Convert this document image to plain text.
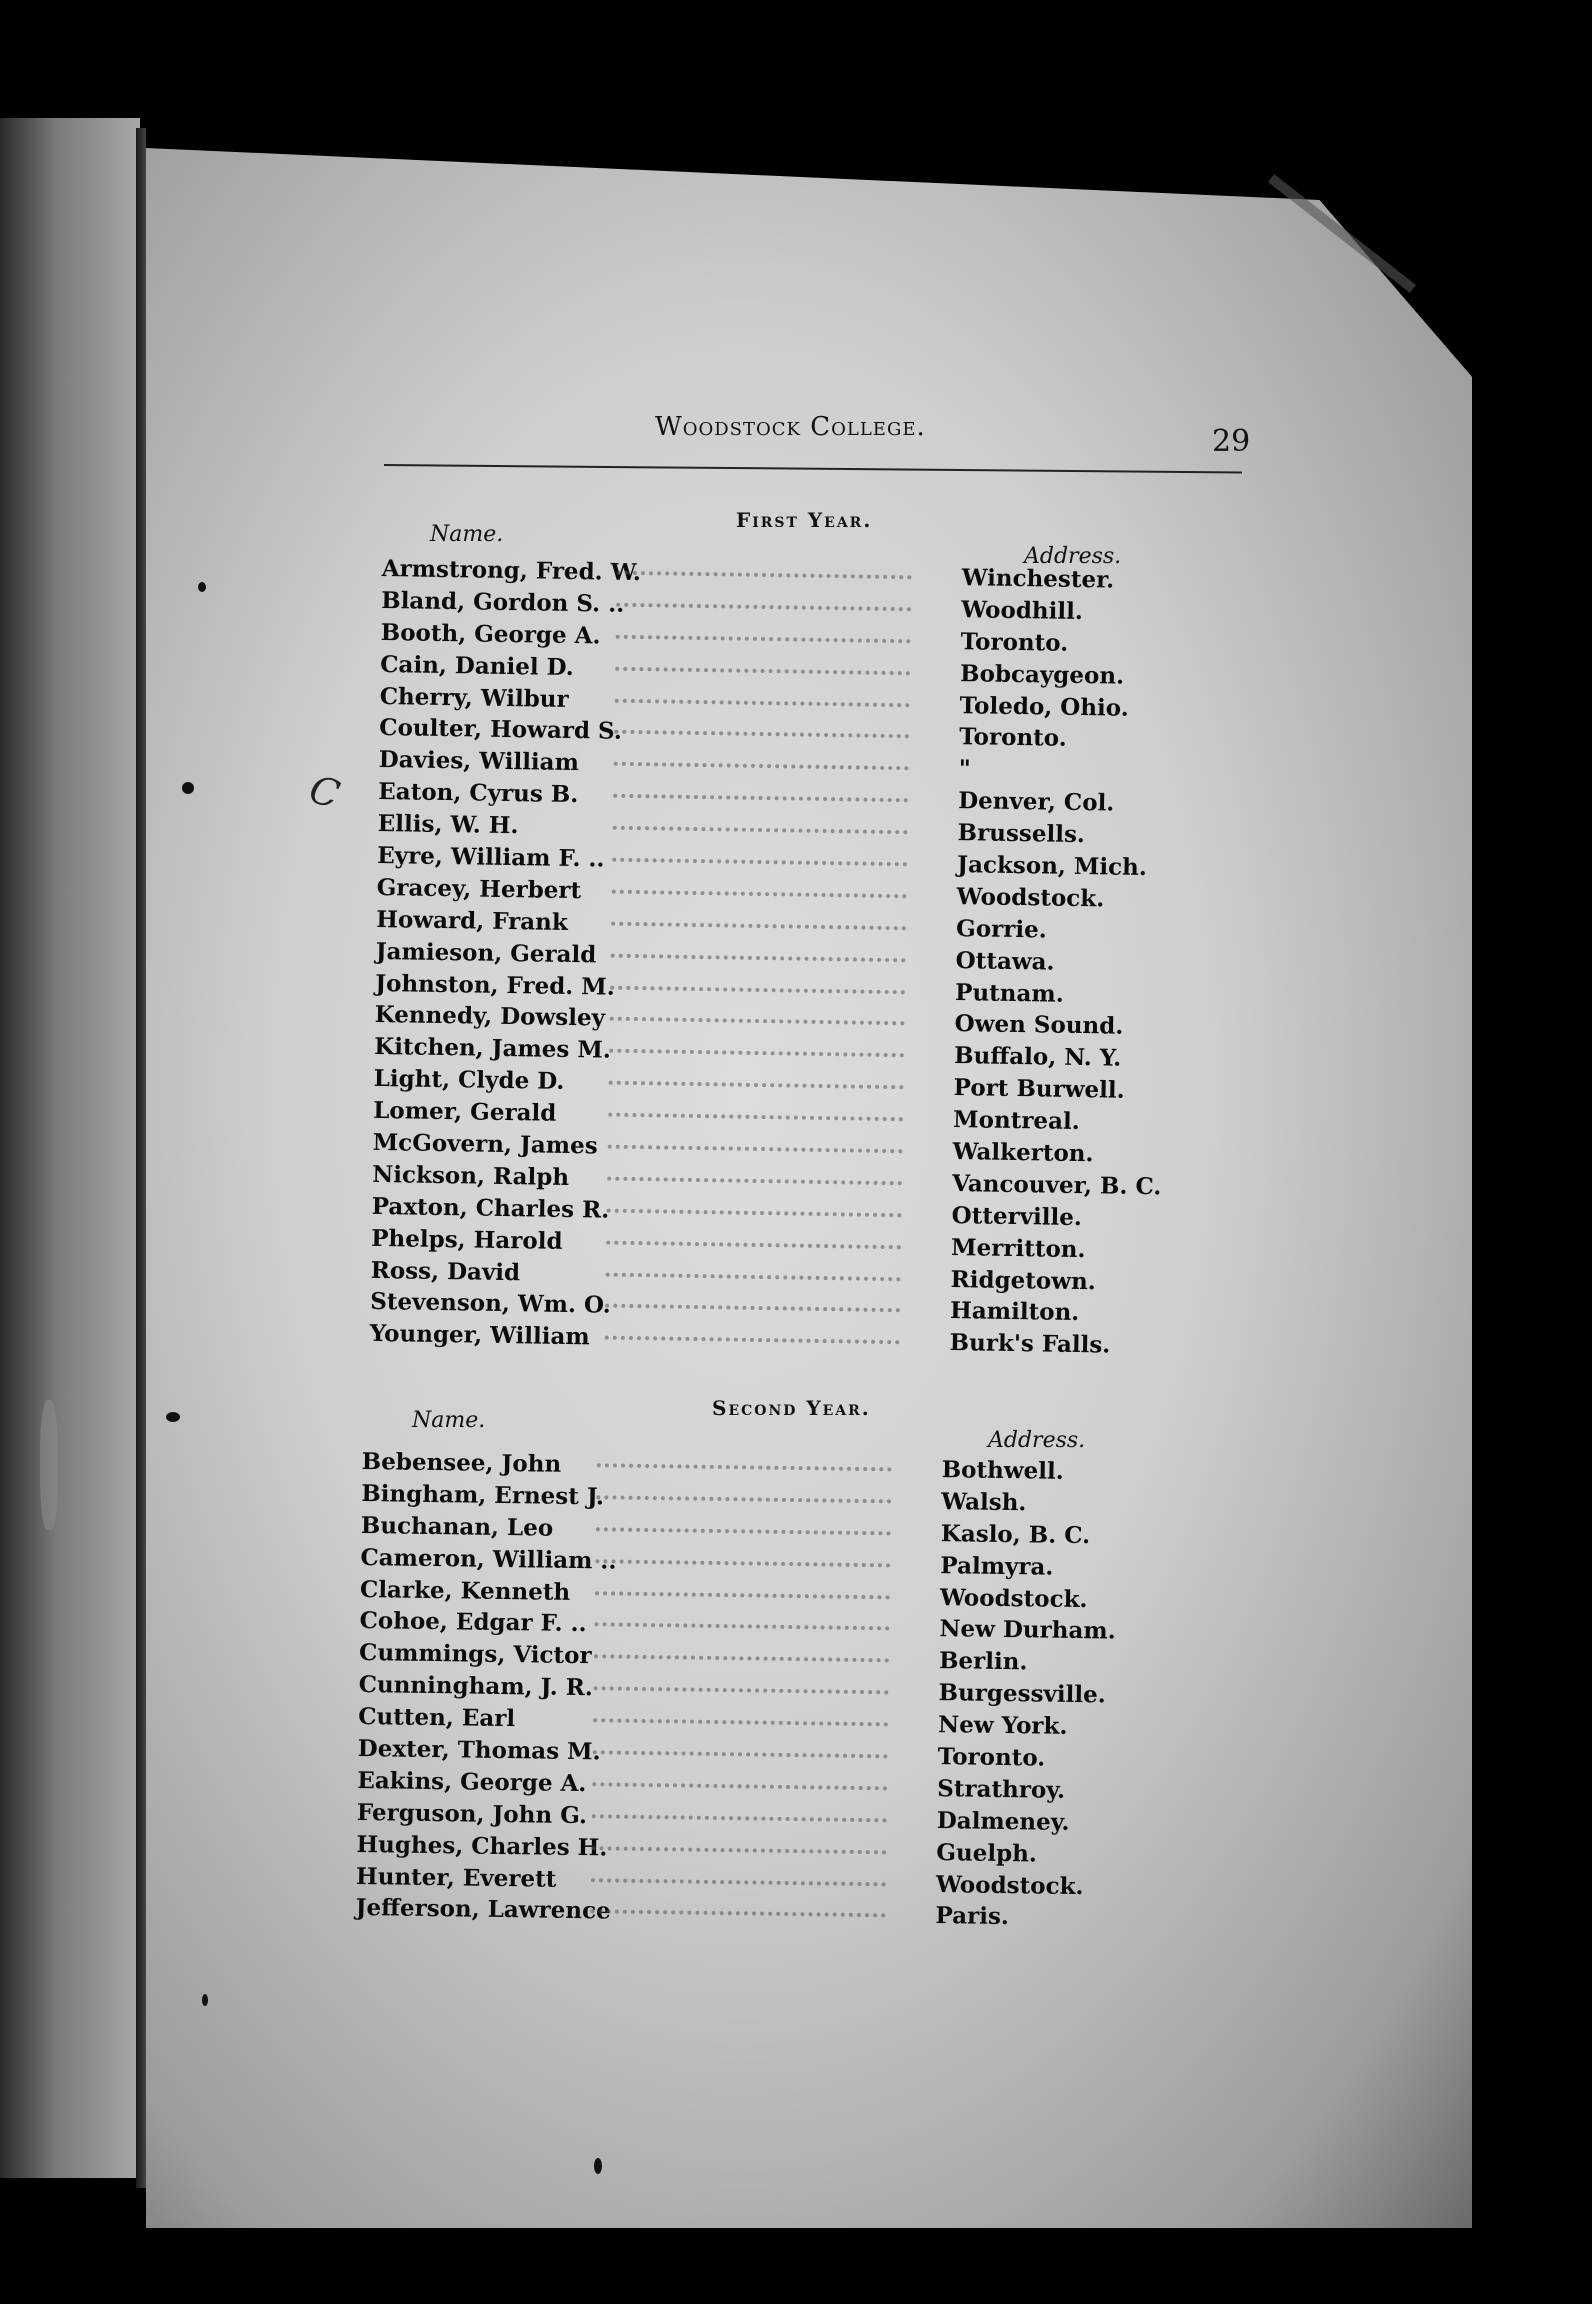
Woodstock College.	29
First Year.
Name.
Address.
Armstrong, Fred. W.	Winchester.
Bland, Gordon S. ..	Woodhill.
Booth, George A.	Toronto.
Cain, Daniel D.	Bobcaygeon.
Cherry, Wilbur	Toledo, Ohio.
Coulter, Howard S.	Toronto.
Davies, William	"
Eaton, Cyrus B.	Denver, Col.
Ellis, W. H.	Brussells.
Eyre, William F. ..	Jackson, Mich.
Gracey, Herbert	Woodstock.
Howard, Frank	Gorrie.
Jamieson, Gerald	Ottawa.
Johnston, Fred. M.	Putnam.
Kennedy, Dowsley	Owen Sound.
Kitchen, James M.	Buffalo, N. Y.
Light, Clyde D.	Port Burwell.
Lomer, Gerald	Montreal.
McGovern, James	Walkerton.
Nickson, Ralph	Vancouver, B. C.
Paxton, Charles R.	Otterville.
Phelps, Harold	Merritton.
Ross, David	Ridgetown.
Stevenson, Wm. O.	Hamilton.
Younger, William	Burk's Falls.
Second Year.
Name.
Address.
Bebensee, John	Bothwell.
Bingham, Ernest J.	Walsh.
Buchanan, Leo	Kaslo, B. C.
Cameron, William ..	Palmyra.
Clarke, Kenneth	Woodstock.
Cohoe, Edgar F. ..	New Durham.
Cummings, Victor	Berlin.
Cunningham, J. R.	Burgessville.
Cutten, Earl	New York.
Dexter, Thomas M.	Toronto.
Eakins, George A.	Strathroy.
Ferguson, John G.	Dalmeney.
Hughes, Charles H.	Guelph.
Hunter, Everett	Woodstock.
Jefferson, Lawrence	Paris.
C
